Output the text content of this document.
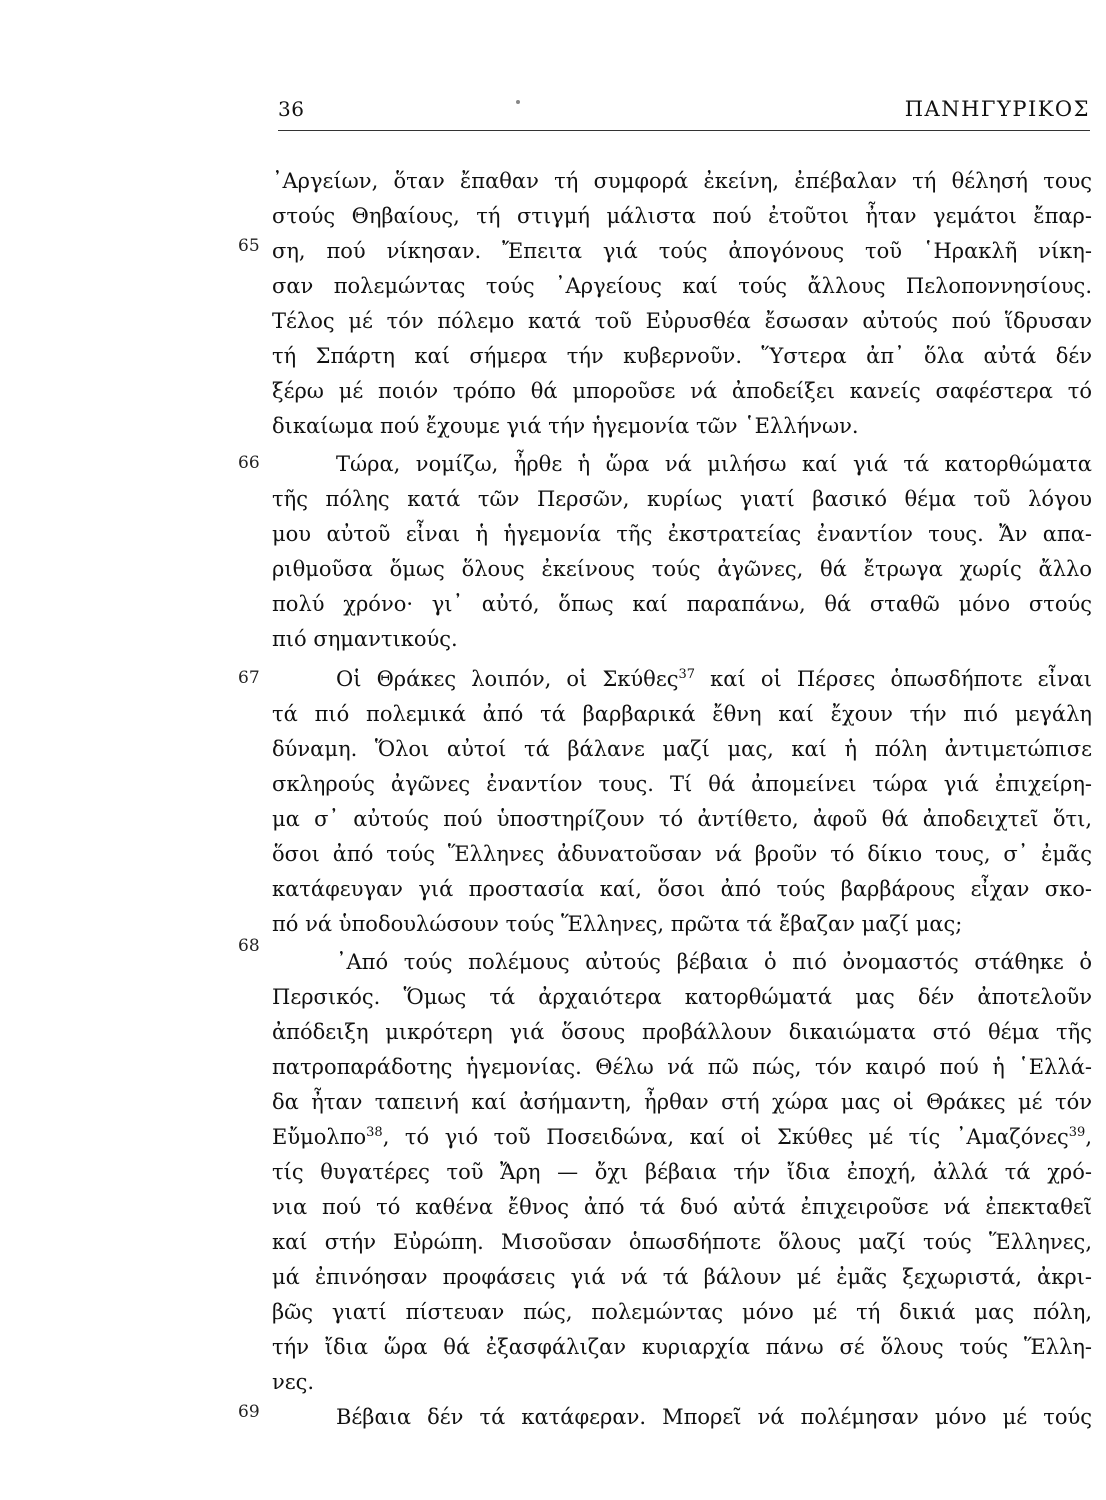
36	ΠΑΝΗΓΥΡΙΚΟΣ
65
66
67
68
69
᾿Αργείων, ὅταν ἔπαθαν τή συμφορά ἐκείνη, ἐπέβαλαν τή θέλησή τους
στούς Θηβαίους, τή στιγμή μάλιστα πού ἐτοῦτοι ἦταν γεμάτοι ἔπαρ-
ση, πού νίκησαν. Ἔπειτα γιά τούς ἀπογόνους τοῦ ῾Ηρακλῆ νίκη-
σαν πολεμώντας τούς ᾿Αργείους καί τούς ἄλλους Πελοποννησίους.
Τέλος μέ τόν πόλεμο κατά τοῦ Εὐρυσθέα ἔσωσαν αὐτούς πού ἵδρυσαν
τή Σπάρτη καί σήμερα τήν κυβερνοῦν. Ὕστερα ἀπ᾿ ὅλα αὐτά δέν
ξέρω μέ ποιόν τρόπο θά μποροῦσε νά ἀποδείξει κανείς σαφέστερα τό
δικαίωμα πού ἔχουμε γιά τήν ἡγεμονία τῶν ῾Ελλήνων.
Τώρα, νομίζω, ἦρθε ἡ ὥρα νά μιλήσω καί γιά τά κατορθώματα
τῆς πόλης κατά τῶν Περσῶν, κυρίως γιατί βασικό θέμα τοῦ λόγου
μου αὐτοῦ εἶναι ἡ ἡγεμονία τῆς ἐκστρατείας ἐναντίον τους. Ἄν απα-
ριθμοῦσα ὅμως ὅλους ἐκείνους τούς ἀγῶνες, θά ἔτρωγα χωρίς ἄλλο
πολύ χρόνο· γι᾿ αὐτό, ὅπως καί παραπάνω, θά σταθῶ μόνο στούς
πιό σημαντικούς.
Οἱ Θράκες λοιπόν, οἱ Σκύθες$^{37}$ καί οἱ Πέρσες ὁπωσδήποτε εἶναι
τά πιό πολεμικά ἀπό τά βαρβαρικά ἔθνη καί ἔχουν τήν πιό μεγάλη
δύναμη. Ὅλοι αὐτοί τά βάλανε μαζί μας, καί ἡ πόλη ἀντιμετώπισε
σκληρούς ἀγῶνες ἐναντίον τους. Τί θά ἀπομείνει τώρα γιά ἐπιχείρη-
μα σ᾿ αὐτούς πού ὑποστηρίζουν τό ἀντίθετο, ἀφοῦ θά ἀποδειχτεῖ ὅτι,
ὅσοι ἀπό τούς Ἕλληνες ἀδυνατοῦσαν νά βροῦν τό δίκιο τους, σ᾿ ἐμᾶς
κατάφευγαν γιά προστασία καί, ὅσοι ἀπό τούς βαρβάρους εἶχαν σκο-
πό νά ὑποδουλώσουν τούς Ἕλληνες, πρῶτα τά ἔβαζαν μαζί μας;
᾿Από τούς πολέμους αὐτούς βέβαια ὁ πιό ὀνομαστός στάθηκε ὁ
Περσικός. Ὅμως τά ἀρχαιότερα κατορθώματά μας δέν ἀποτελοῦν
ἀπόδειξη μικρότερη γιά ὅσους προβάλλουν δικαιώματα στό θέμα τῆς
πατροπαράδοτης ἡγεμονίας. Θέλω νά πῶ πώς, τόν καιρό πού ἡ ῾Ελλά-
δα ἦταν ταπεινή καί ἀσήμαντη, ἦρθαν στή χώρα μας οἱ Θράκες μέ τόν
Εὔμολπο$^{38}$, τό γιό τοῦ Ποσειδώνα, καί οἱ Σκύθες μέ τίς ᾿Αμαζόνες$^{39}$,
τίς θυγατέρες τοῦ Ἄρη — ὄχι βέβαια τήν ἴδια ἐποχή, ἀλλά τά χρό-
νια πού τό καθένα ἔθνος ἀπό τά δυό αὐτά ἐπιχειροῦσε νά ἐπεκταθεῖ
καί στήν Εὐρώπη. Μισοῦσαν ὁπωσδήποτε ὅλους μαζί τούς Ἕλληνες,
μά ἐπινόησαν προφάσεις γιά νά τά βάλουν μέ ἐμᾶς ξεχωριστά, ἀκρι-
βῶς γιατί πίστευαν πώς, πολεμώντας μόνο μέ τή δικιά μας πόλη,
τήν ἴδια ὥρα θά ἐξασφάλιζαν κυριαρχία πάνω σέ ὅλους τούς Ἕλλη-
νες.
Βέβαια δέν τά κατάφεραν. Μπορεῖ νά πολέμησαν μόνο μέ τούς
